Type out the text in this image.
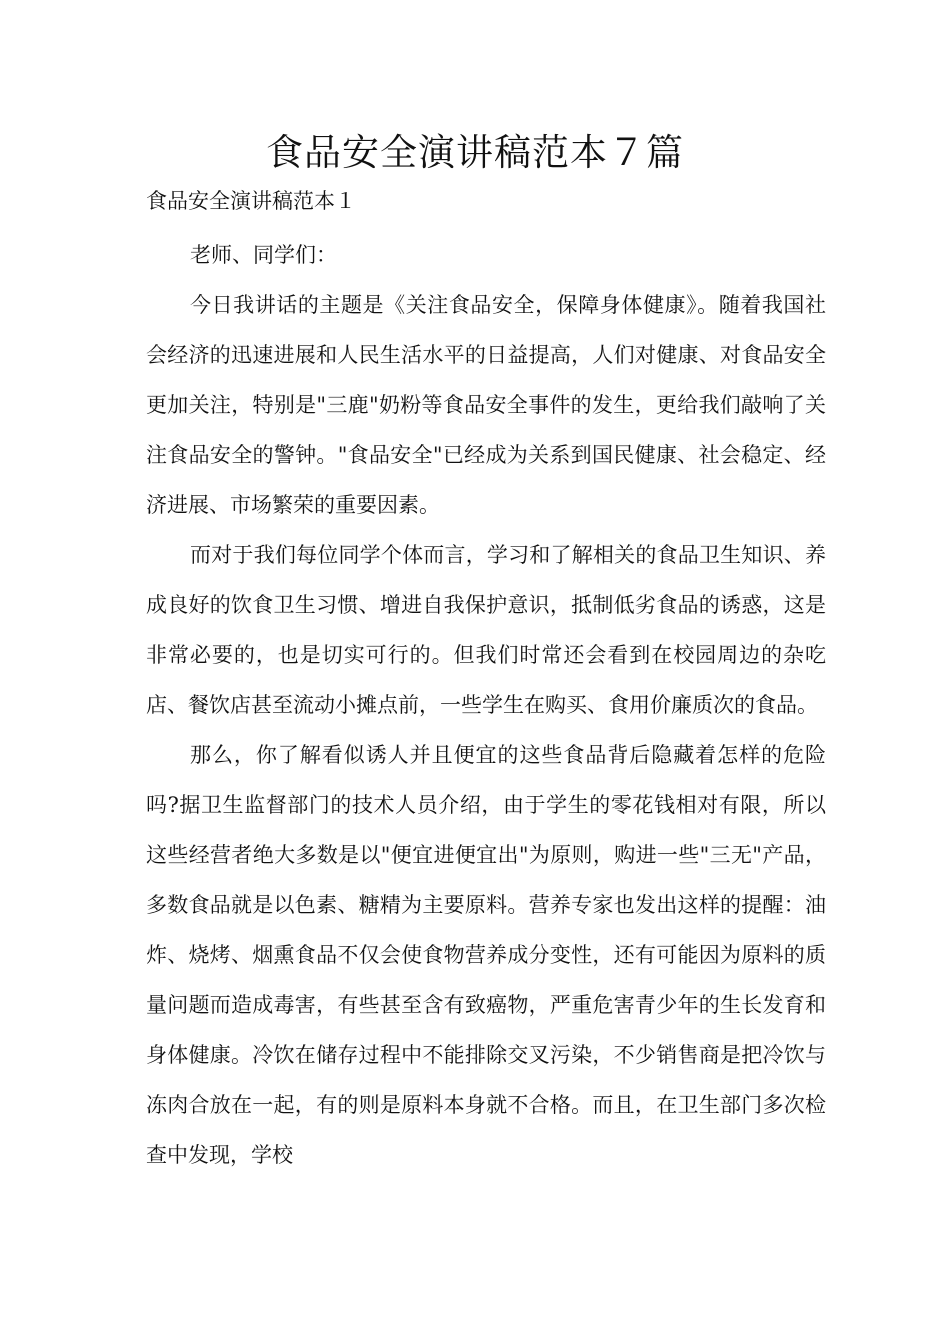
食品安全演讲稿范本７篇

食品安全演讲稿范本１

老师、同学们：

今日我讲话的主题是《关注食品安全，保障身体健康》。随着我国社会经济的迅速进展和人民生活水平的日益提高，人们对健康、对食品安全更加关注，特别是"三鹿"奶粉等食品安全事件的发生，更给我们敲响了关注食品安全的警钟。"食品安全"已经成为关系到国民健康、社会稳定、经济进展、市场繁荣的重要因素。

而对于我们每位同学个体而言，学习和了解相关的食品卫生知识、养成良好的饮食卫生习惯、增进自我保护意识，抵制低劣食品的诱惑，这是非常必要的，也是切实可行的。但我们时常还会看到在校园周边的杂吃店、餐饮店甚至流动小摊点前，一些学生在购买、食用价廉质次的食品。

那么，你了解看似诱人并且便宜的这些食品背后隐藏着怎样的危险吗?据卫生监督部门的技术人员介绍，由于学生的零花钱相对有限，所以这些经营者绝大多数是以"便宜进便宜出"为原则，购进一些"三无"产品，多数食品就是以色素、糖精为主要原料。营养专家也发出这样的提醒：油炸、烧烤、烟熏食品不仅会使食物营养成分变性，还有可能因为原料的质量问题而造成毒害，有些甚至含有致癌物，严重危害青少年的生长发育和身体健康。冷饮在储存过程中不能排除交叉污染，不少销售商是把冷饮与冻肉合放在一起，有的则是原料本身就不合格。而且，在卫生部门多次检查中发现，学校
